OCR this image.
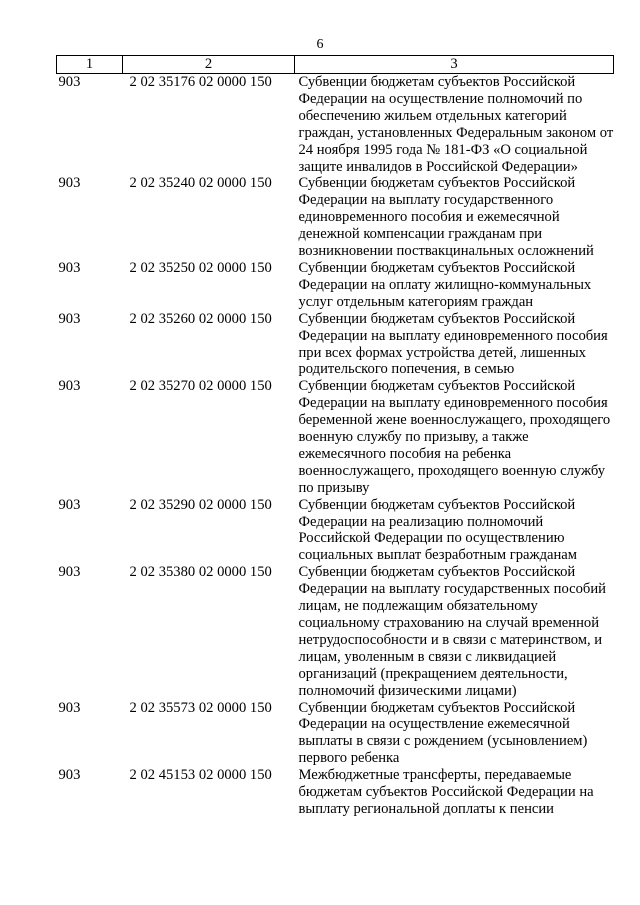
6
1	2	3
903	2 02 35176 02 0000 150	Субвенции бюджетам субъектов Российской Федерации на осуществление полномочий по обеспечению жильем отдельных категорий граждан, установленных Федеральным законом от 24 ноября 1995 года № 181-ФЗ «О социальной защите инвалидов в Российской Федерации»
903	2 02 35240 02 0000 150	Субвенции бюджетам субъектов Российской Федерации на выплату государственного единовременного пособия и ежемесячной денежной компенсации гражданам при возникновении поствакцинальных осложнений
903	2 02 35250 02 0000 150	Субвенции бюджетам субъектов Российской Федерации на оплату жилищно-коммунальных услуг отдельным категориям граждан
903	2 02 35260 02 0000 150	Субвенции бюджетам субъектов Российской Федерации на выплату единовременного пособия при всех формах устройства детей, лишенных родительского попечения, в семью
903	2 02 35270 02 0000 150	Субвенции бюджетам субъектов Российской Федерации на выплату единовременного пособия беременной жене военнослужащего, проходящего военную службу по призыву, а также ежемесячного пособия на ребенка военнослужащего, проходящего военную службу по призыву
903	2 02 35290 02 0000 150	Субвенции бюджетам субъектов Российской Федерации на реализацию полномочий Российской Федерации по осуществлению социальных выплат безработным гражданам
903	2 02 35380 02 0000 150	Субвенции бюджетам субъектов Российской Федерации на выплату государственных пособий лицам, не подлежащим обязательному социальному страхованию на случай временной нетрудоспособности и в связи с материнством, и лицам, уволенным в связи с ликвидацией организаций (прекращением деятельности, полномочий физическими лицами)
903	2 02 35573 02 0000 150	Субвенции бюджетам субъектов Российской Федерации на осуществление ежемесячной выплаты в связи с рождением (усыновлением) первого ребенка
903	2 02 45153 02 0000 150	Межбюджетные трансферты, передаваемые бюджетам субъектов Российской Федерации на выплату региональной доплаты к пенсии
